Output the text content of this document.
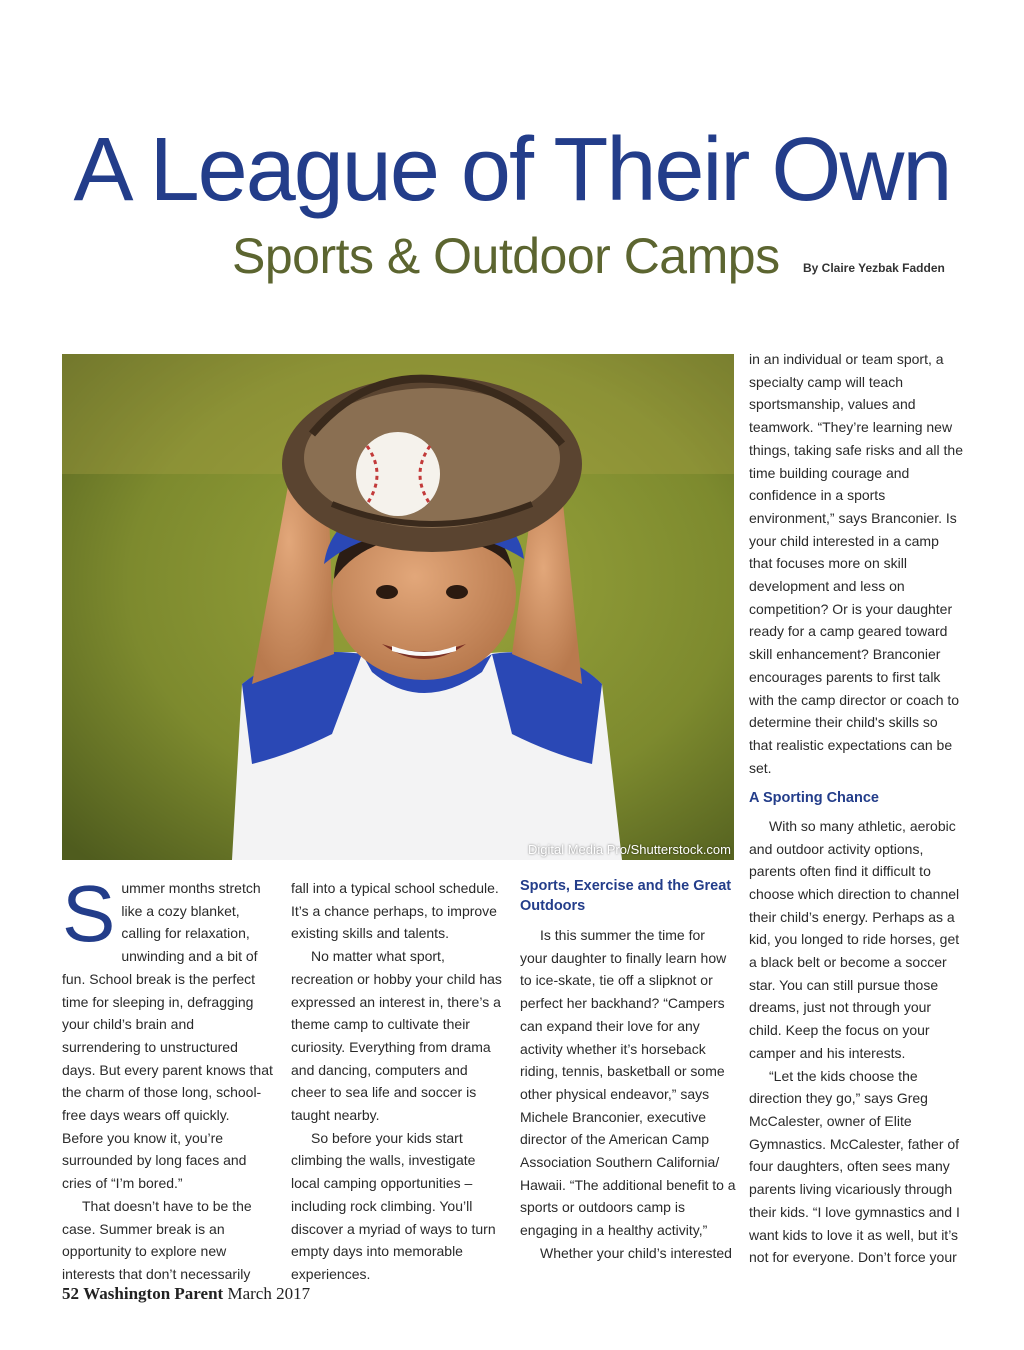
A League of Their Own
Sports & Outdoor Camps By Claire Yezbak Fadden
Digital Media Pro/Shutterstock.com

Summer months stretch like a cozy blanket, calling for relaxation, unwinding and a bit of fun. School break is the perfect time for sleeping in, defragging your child’s brain and surrendering to unstructured days. But every parent knows that the charm of those long, school-free days wears off quickly. Before you know it, you’re surrounded by long faces and cries of “I’m bored.”

That doesn’t have to be the case. Summer break is an opportunity to explore new interests that don’t necessarily

fall into a typical school schedule. It’s a chance perhaps, to improve existing skills and talents.

No matter what sport, recreation or hobby your child has expressed an interest in, there’s a theme camp to cultivate their curiosity. Everything from drama and dancing, computers and cheer to sea life and soccer is taught nearby.

So before your kids start climbing the walls, investigate local camping opportunities – including rock climbing. You’ll discover a myriad of ways to turn empty days into memorable experiences.

Sports, Exercise and the Great Outdoors

Is this summer the time for your daughter to finally learn how to ice-skate, tie off a slipknot or perfect her backhand? “Campers can expand their love for any activity whether it’s horseback riding, tennis, basketball or some other physical endeavor,” says Michele Branconier, executive director of the American Camp Association Southern California/ Hawaii. “The additional benefit to a sports or outdoors camp is engaging in a healthy activity,”

Whether your child’s interested

in an individual or team sport, a specialty camp will teach sportsmanship, values and teamwork. “They’re learning new things, taking safe risks and all the time building courage and confidence in a sports environment,” says Branconier. Is your child interested in a camp that focuses more on skill development and less on competition? Or is your daughter ready for a camp geared toward skill enhancement? Branconier encourages parents to first talk with the camp director or coach to determine their child's skills so that realistic expectations can be set.

A Sporting Chance

With so many athletic, aerobic and outdoor activity options, parents often find it difficult to choose which direction to channel their child’s energy. Perhaps as a kid, you longed to ride horses, get a black belt or become a soccer star. You can still pursue those dreams, just not through your child. Keep the focus on your camper and his interests.

“Let the kids choose the direction they go,” says Greg McCalester, owner of Elite Gymnastics. McCalester, father of four daughters, often sees many parents living vicariously through their kids. “I love gymnastics and I want kids to love it as well, but it’s not for everyone. Don’t force your

52 Washington Parent March 2017
